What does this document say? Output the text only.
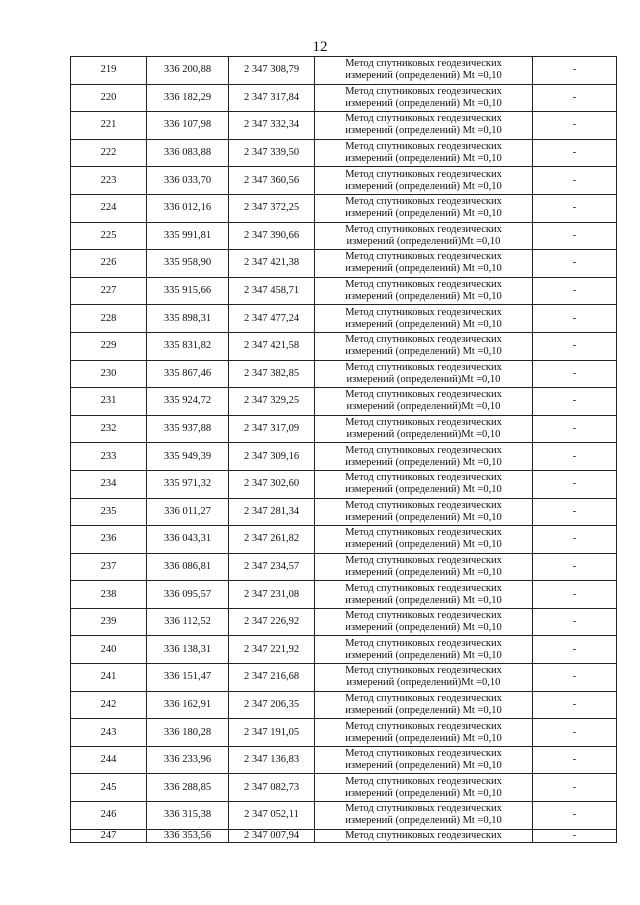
12
219	336 200,88	2 347 308,79	Метод спутниковых геодезических
измерений (определений) Mt =0,10	-
220	336 182,29	2 347 317,84	Метод спутниковых геодезических
измерений (определений) Mt =0,10	-
221	336 107,98	2 347 332,34	Метод спутниковых геодезических
измерений (определений) Mt =0,10	-
222	336 083,88	2 347 339,50	Метод спутниковых геодезических
измерений (определений) Mt =0,10	-
223	336 033,70	2 347 360,56	Метод спутниковых геодезических
измерений (определений) Mt =0,10	-
224	336 012,16	2 347 372,25	Метод спутниковых геодезических
измерений (определений) Mt =0,10	-
225	335 991,81	2 347 390,66	Метод спутниковых геодезических
измерений (определений)Mt =0,10	-
226	335 958,90	2 347 421,38	Метод спутниковых геодезических
измерений (определений) Mt =0,10	-
227	335 915,66	2 347 458,71	Метод спутниковых геодезических
измерений (определений) Mt =0,10	-
228	335 898,31	2 347 477,24	Метод спутниковых геодезических
измерений (определений) Mt =0,10	-
229	335 831,82	2 347 421,58	Метод спутниковых геодезических
измерений (определений) Mt =0,10	-
230	335 867,46	2 347 382,85	Метод спутниковых геодезических
измерений (определений)Mt =0,10	-
231	335 924,72	2 347 329,25	Метод спутниковых геодезических
измерений (определений)Mt =0,10	-
232	335 937,88	2 347 317,09	Метод спутниковых геодезических
измерений (определений)Mt =0,10	-
233	335 949,39	2 347 309,16	Метод спутниковых геодезических
измерений (определений) Mt =0,10	-
234	335 971,32	2 347 302,60	Метод спутниковых геодезических
измерений (определений) Mt =0,10	-
235	336 011,27	2 347 281,34	Метод спутниковых геодезических
измерений (определений) Mt =0,10	-
236	336 043,31	2 347 261,82	Метод спутниковых геодезических
измерений (определений) Mt =0,10	-
237	336 086,81	2 347 234,57	Метод спутниковых геодезических
измерений (определений) Mt =0,10	-
238	336 095,57	2 347 231,08	Метод спутниковых геодезических
измерений (определений) Mt =0,10	-
239	336 112,52	2 347 226,92	Метод спутниковых геодезических
измерений (определений) Mt =0,10	-
240	336 138,31	2 347 221,92	Метод спутниковых геодезических
измерений (определений) Mt =0,10	-
241	336 151,47	2 347 216,68	Метод спутниковых геодезических
измерений (определений)Mt =0,10	-
242	336 162,91	2 347 206,35	Метод спутниковых геодезических
измерений (определений) Mt =0,10	-
243	336 180,28	2 347 191,05	Метод спутниковых геодезических
измерений (определений) Mt =0,10	-
244	336 233,96	2 347 136,83	Метод спутниковых геодезических
измерений (определений) Mt =0,10	-
245	336 288,85	2 347 082,73	Метод спутниковых геодезических
измерений (определений) Mt =0,10	-
246	336 315,38	2 347 052,11	Метод спутниковых геодезических
измерений (определений) Mt =0,10	-
247	336 353,56	2 347 007,94	Метод спутниковых геодезических	-
